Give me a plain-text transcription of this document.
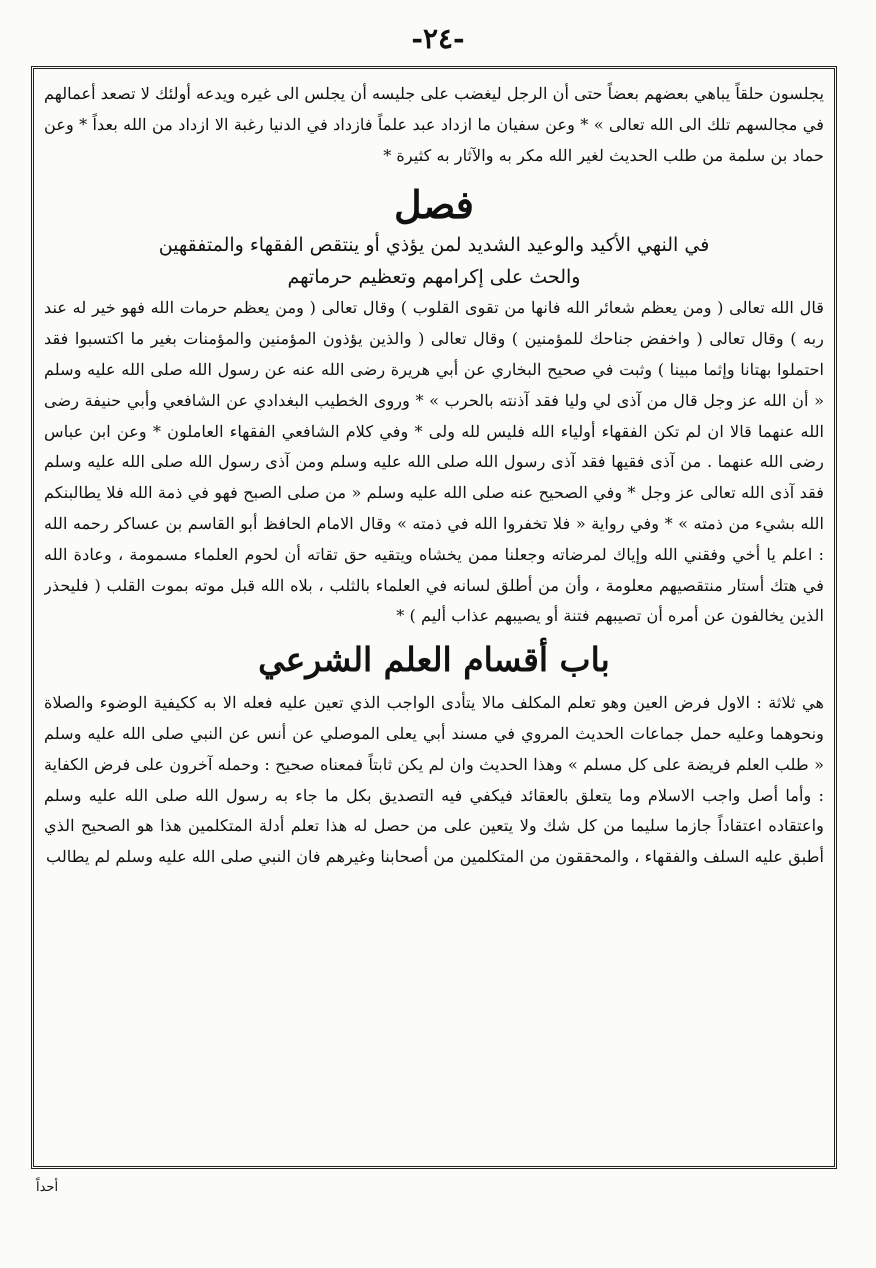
-٢٤-

يجلسون حلقاً يباهي بعضهم بعضاً حتى أن الرجل ليغضب على جليسه أن يجلس الى غيره ويدعه أولئك لا تصعد أعمالهم في مجالسهم تلك الى الله تعالى » * وعن سفيان ما ازداد عبد علماً فازداد في الدنيا رغبة الا ازداد من الله بعداً * وعن حماد بن سلمة من طلب الحديث لغير الله مكر به والآثار به كثيرة *

فصل

في النهي الأكيد والوعيد الشديد لمن يؤذي أو ينتقص الفقهاء والمتفقهين

والحث على إكرامهم وتعظيم حرماتهم

قال الله تعالى ( ومن يعظم شعائر الله فانها من تقوى القلوب ) وقال تعالى ( ومن يعظم حرمات الله فهو خير له عند ربه ) وقال تعالى ( واخفض جناحك للمؤمنين ) وقال تعالى ( والذين يؤذون المؤمنين والمؤمنات بغير ما اكتسبوا فقد احتملوا بهتانا وإثما مبينا ) وثبت في صحيح البخاري عن أبي هريرة رضى الله عنه عن رسول الله صلى الله عليه وسلم « أن الله عز وجل قال من آذى لي وليا فقد آذنته بالحرب » * وروى الخطيب البغدادي عن الشافعي وأبي حنيفة رضى الله عنهما قالا ان لم تكن الفقهاء أولياء الله فليس لله ولى * وفي كلام الشافعي الفقهاء العاملون * وعن ابن عباس رضى الله عنهما . من آذى فقيها فقد آذى رسول الله صلى الله عليه وسلم ومن آذى رسول الله صلى الله عليه وسلم فقد آذى الله تعالى عز وجل * وفي الصحيح عنه صلى الله عليه وسلم « من صلى الصبح فهو في ذمة الله فلا يطالبنكم الله بشيء من ذمته » * وفي رواية « فلا تخفروا الله في ذمته » وقال الامام الحافظ أبو القاسم بن عساكر رحمه الله : اعلم يا أخي وفقني الله وإياك لمرضاته وجعلنا ممن يخشاه ويتقيه حق تقاته أن لحوم العلماء مسمومة ، وعادة الله في هتك أستار منتقصيهم معلومة ، وأن من أطلق لسانه في العلماء بالثلب ، بلاه الله قبل موته بموت القلب ( فليحذر الذين يخالفون عن أمره أن تصيبهم فتنة أو يصيبهم عذاب أليم ) *

باب أقسام العلم الشرعي

هي ثلاثة : الاول فرض العين وهو تعلم المكلف مالا يتأدى الواجب الذي تعين عليه فعله الا به ككيفية الوضوء والصلاة ونحوهما وعليه حمل جماعات الحديث المروي في مسند أبي يعلى الموصلي عن أنس عن النبي صلى الله عليه وسلم « طلب العلم فريضة على كل مسلم » وهذا الحديث وان لم يكن ثابتاً فمعناه صحيح : وحمله آخرون على فرض الكفاية : وأما أصل واجب الاسلام وما يتعلق بالعقائد فيكفي فيه التصديق بكل ما جاء به رسول الله صلى الله عليه وسلم واعتقاده اعتقاداً جازما سليما من كل شك ولا يتعين على من حصل له هذا تعلم أدلة المتكلمين هذا هو الصحيح الذي أطبق عليه السلف والفقهاء ، والمحققون من المتكلمين من أصحابنا وغيرهم فان النبي صلى الله عليه وسلم لم يطالب

أحداً
